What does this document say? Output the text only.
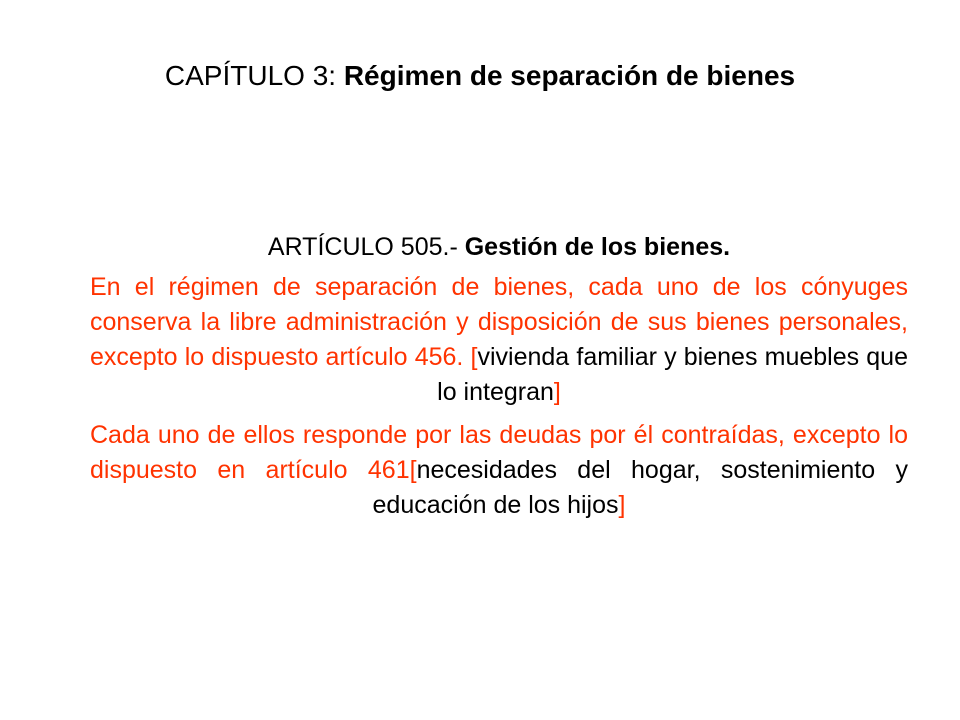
CAPÍTULO 3: Régimen de separación de bienes
ARTÍCULO 505.- Gestión de los bienes.

En el régimen de separación de bienes, cada uno de los cónyuges conserva la libre administración y disposición de sus bienes personales, excepto lo dispuesto artículo 456. [vivienda familiar y bienes muebles que lo integran]

Cada uno de ellos responde por las deudas por él contraídas, excepto lo dispuesto en artículo 461[necesidades del hogar, sostenimiento y educación de los hijos]
